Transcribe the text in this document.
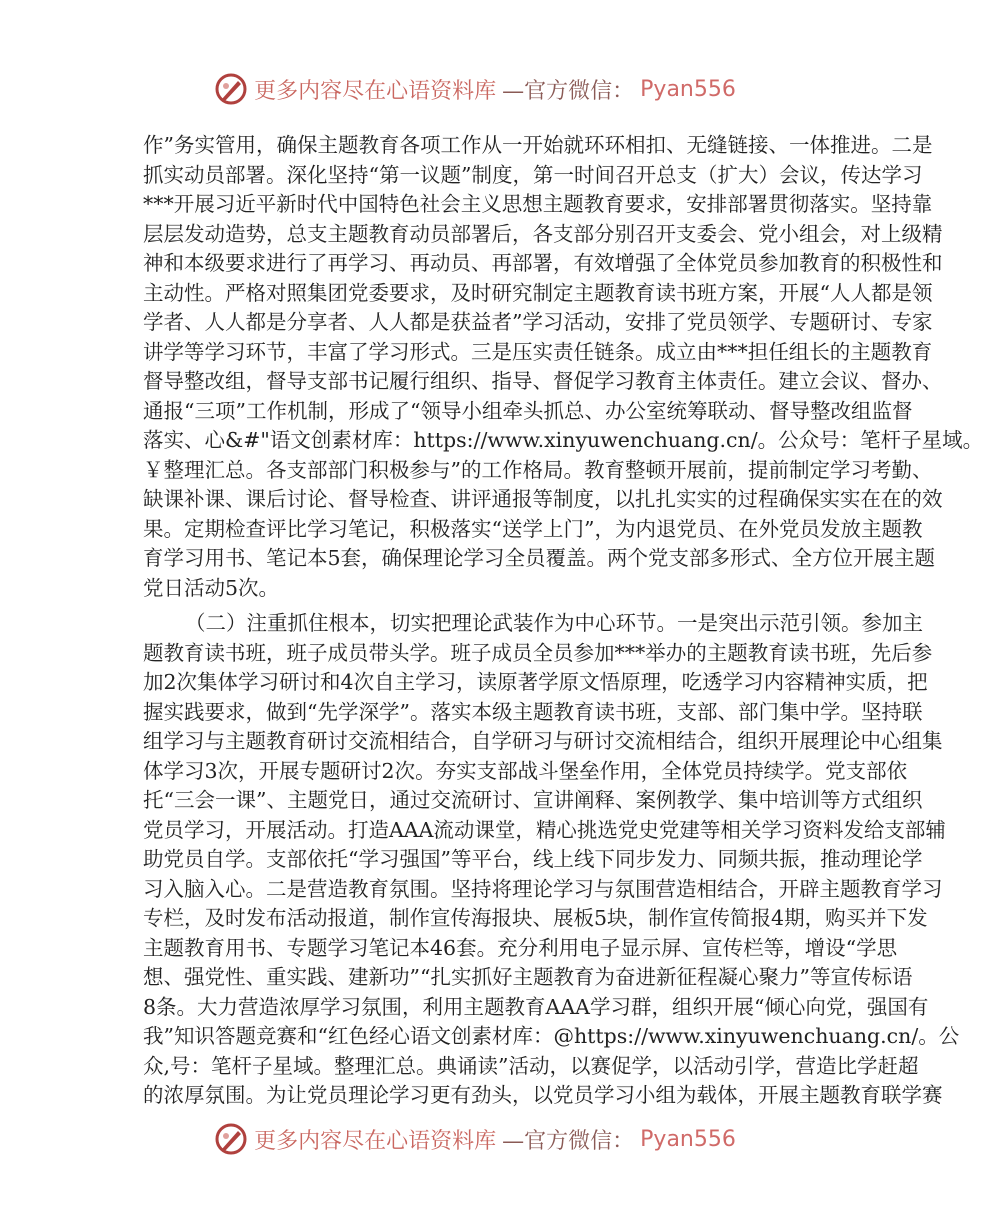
更多内容尽在心语资料库 —官方微信： Pyan556
作”务实管用，确保主题教育各项工作从一开始就环环相扣、无缝链接、一体推进。二是
抓实动员部署。深化坚持“第一议题”制度，第一时间召开总支（扩大）会议，传达学习
***开展习近平新时代中国特色社会主义思想主题教育要求，安排部署贯彻落实。坚持靠
层层发动造势，总支主题教育动员部署后，各支部分别召开支委会、党小组会，对上级精
神和本级要求进行了再学习、再动员、再部署，有效增强了全体党员参加教育的积极性和
主动性。严格对照集团党委要求，及时研究制定主题教育读书班方案，开展“人人都是领
学者、人人都是分享者、人人都是获益者”学习活动，安排了党员领学、专题研讨、专家
讲学等学习环节，丰富了学习形式。三是压实责任链条。成立由***担任组长的主题教育
督导整改组，督导支部书记履行组织、指导、督促学习教育主体责任。建立会议、督办、
通报“三项”工作机制，形成了“领导小组牵头抓总、办公室统筹联动、督导整改组监督
落实、心&#"语文创素材库：https://www.xinyuwenchuang.cn/。公众号：笔杆子星域。
￥整理汇总。各支部部门积极参与”的工作格局。教育整顿开展前，提前制定学习考勤、
缺课补课、课后讨论、督导检查、讲评通报等制度，以扎扎实实的过程确保实实在在的效
果。定期检查评比学习笔记，积极落实“送学上门”，为内退党员、在外党员发放主题教
育学习用书、笔记本5套，确保理论学习全员覆盖。两个党支部多形式、全方位开展主题
党日活动5次。
（二）注重抓住根本，切实把理论武装作为中心环节。一是突出示范引领。参加主
题教育读书班，班子成员带头学。班子成员全员参加***举办的主题教育读书班，先后参
加2次集体学习研讨和4次自主学习，读原著学原文悟原理，吃透学习内容精神实质，把
握实践要求，做到“先学深学”。落实本级主题教育读书班，支部、部门集中学。坚持联
组学习与主题教育研讨交流相结合，自学研习与研讨交流相结合，组织开展理论中心组集
体学习3次，开展专题研讨2次。夯实支部战斗堡垒作用，全体党员持续学。党支部依
托“三会一课”、主题党日，通过交流研讨、宣讲阐释、案例教学、集中培训等方式组织
党员学习，开展活动。打造AAA流动课堂，精心挑选党史党建等相关学习资料发给支部辅
助党员自学。支部依托“学习强国”等平台，线上线下同步发力、同频共振，推动理论学
习入脑入心。二是营造教育氛围。坚持将理论学习与氛围营造相结合，开辟主题教育学习
专栏，及时发布活动报道，制作宣传海报块、展板5块，制作宣传简报4期，购买并下发
主题教育用书、专题学习笔记本46套。充分利用电子显示屏、宣传栏等，增设“学思
想、强党性、重实践、建新功”“扎实抓好主题教育为奋进新征程凝心聚力”等宣传标语
8条。大力营造浓厚学习氛围，利用主题教育AAA学习群，组织开展“倾心向党，强国有
我”知识答题竞赛和“红色经心语文创素材库：@https://www.xinyuwenchuang.cn/。公
众,号：笔杆子星域。整理汇总。典诵读”活动，以赛促学，以活动引学，营造比学赶超
的浓厚氛围。为让党员理论学习更有劲头，以党员学习小组为载体，开展主题教育联学赛
更多内容尽在心语资料库 —官方微信： Pyan556
